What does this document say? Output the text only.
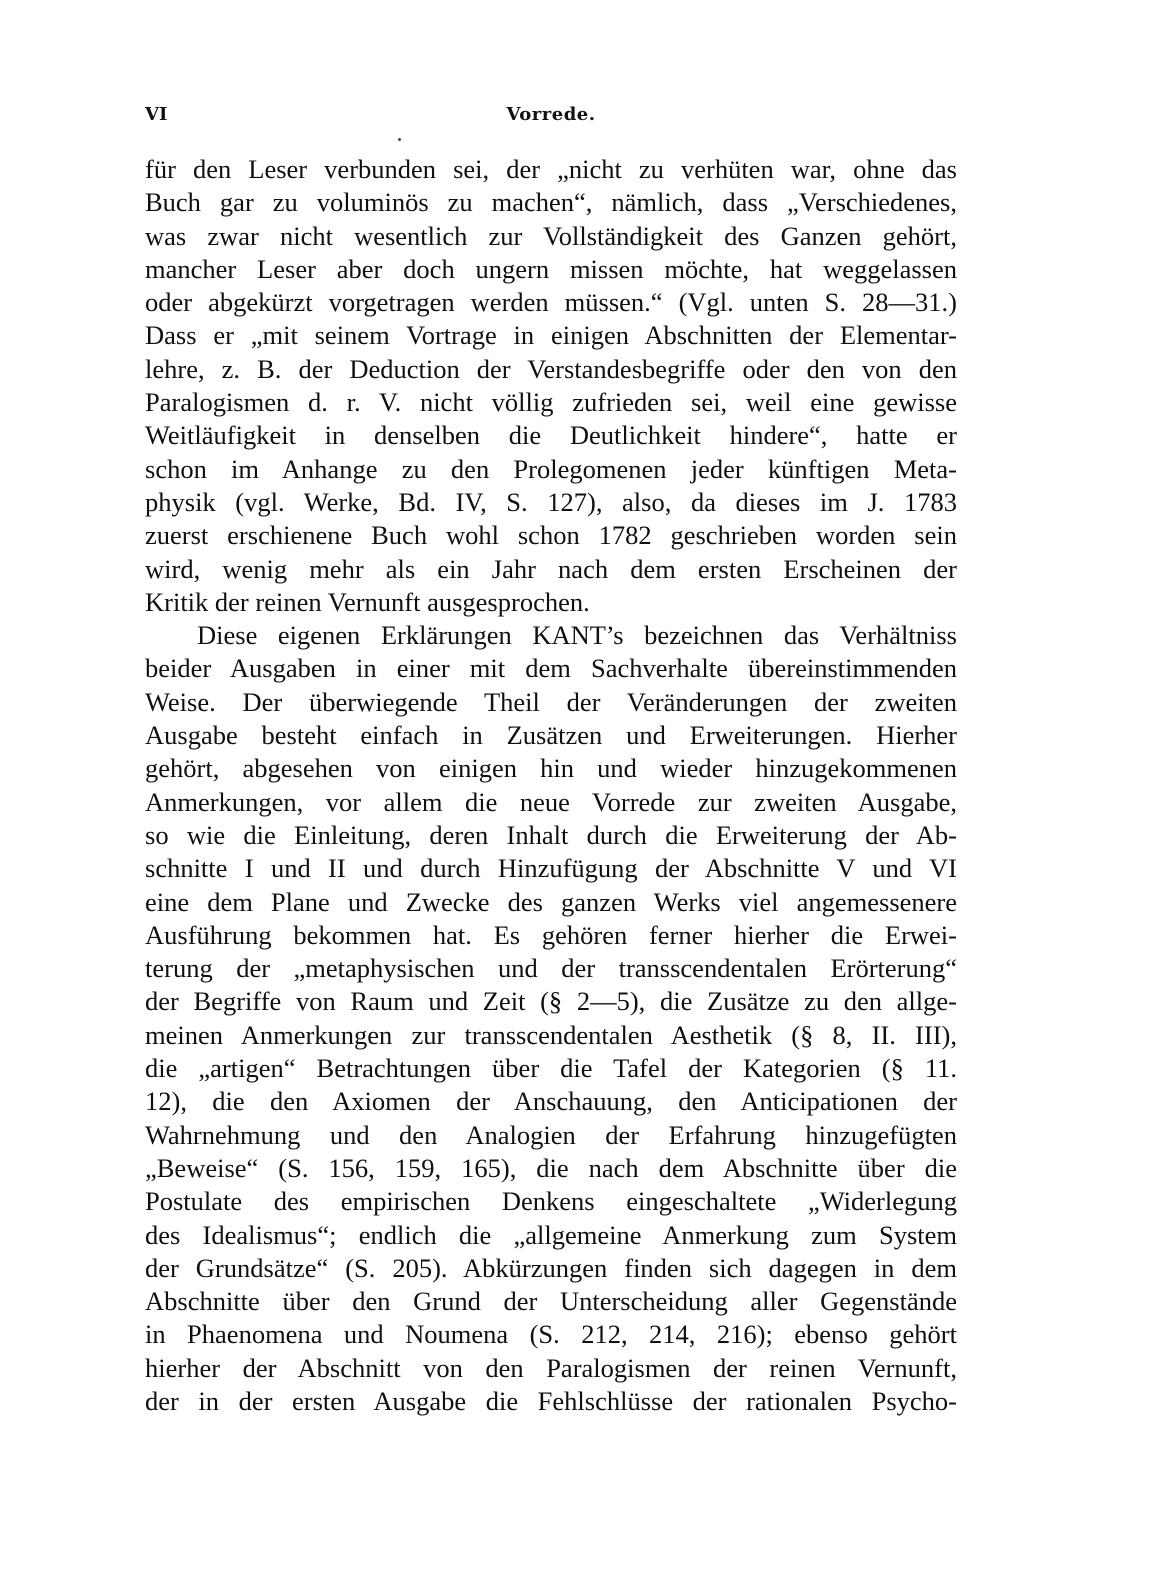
VI	Vorrede.
für den Leser verbunden sei, der „nicht zu verhüten war, ohne das
Buch gar zu voluminös zu machen“, nämlich, dass „Verschiedenes,
was zwar nicht wesentlich zur Vollständigkeit des Ganzen gehört,
mancher Leser aber doch ungern missen möchte, hat weggelassen
oder abgekürzt vorgetragen werden müssen.“ (Vgl. unten S. 28—31.)
Dass er „mit seinem Vortrage in einigen Abschnitten der Elementar-
lehre, z. B. der Deduction der Verstandesbegriffe oder den von den
Paralogismen d. r. V. nicht völlig zufrieden sei, weil eine gewisse
Weitläufigkeit in denselben die Deutlichkeit hindere“, hatte er
schon im Anhange zu den Prolegomenen jeder künftigen Meta-
physik (vgl. Werke, Bd. IV, S. 127), also, da dieses im J. 1783
zuerst erschienene Buch wohl schon 1782 geschrieben worden sein
wird, wenig mehr als ein Jahr nach dem ersten Erscheinen der
Kritik der reinen Vernunft ausgesprochen.
Diese eigenen Erklärungen KANT’s bezeichnen das Verhältniss
beider Ausgaben in einer mit dem Sachverhalte übereinstimmenden
Weise. Der überwiegende Theil der Veränderungen der zweiten
Ausgabe besteht einfach in Zusätzen und Erweiterungen. Hierher
gehört, abgesehen von einigen hin und wieder hinzugekommenen
Anmerkungen, vor allem die neue Vorrede zur zweiten Ausgabe,
so wie die Einleitung, deren Inhalt durch die Erweiterung der Ab-
schnitte I und II und durch Hinzufügung der Abschnitte V und VI
eine dem Plane und Zwecke des ganzen Werks viel angemessenere
Ausführung bekommen hat. Es gehören ferner hierher die Erwei-
terung der „metaphysischen und der transscendentalen Erörterung“
der Begriffe von Raum und Zeit (§ 2—5), die Zusätze zu den allge-
meinen Anmerkungen zur transscendentalen Aesthetik (§ 8, II. III),
die „artigen“ Betrachtungen über die Tafel der Kategorien (§ 11.
12), die den Axiomen der Anschauung, den Anticipationen der
Wahrnehmung und den Analogien der Erfahrung hinzugefügten
„Beweise“ (S. 156, 159, 165), die nach dem Abschnitte über die
Postulate des empirischen Denkens eingeschaltete „Widerlegung
des Idealismus“; endlich die „allgemeine Anmerkung zum System
der Grundsätze“ (S. 205). Abkürzungen finden sich dagegen in dem
Abschnitte über den Grund der Unterscheidung aller Gegenstände
in Phaenomena und Noumena (S. 212, 214, 216); ebenso gehört
hierher der Abschnitt von den Paralogismen der reinen Vernunft,
der in der ersten Ausgabe die Fehlschlüsse der rationalen Psycho-
